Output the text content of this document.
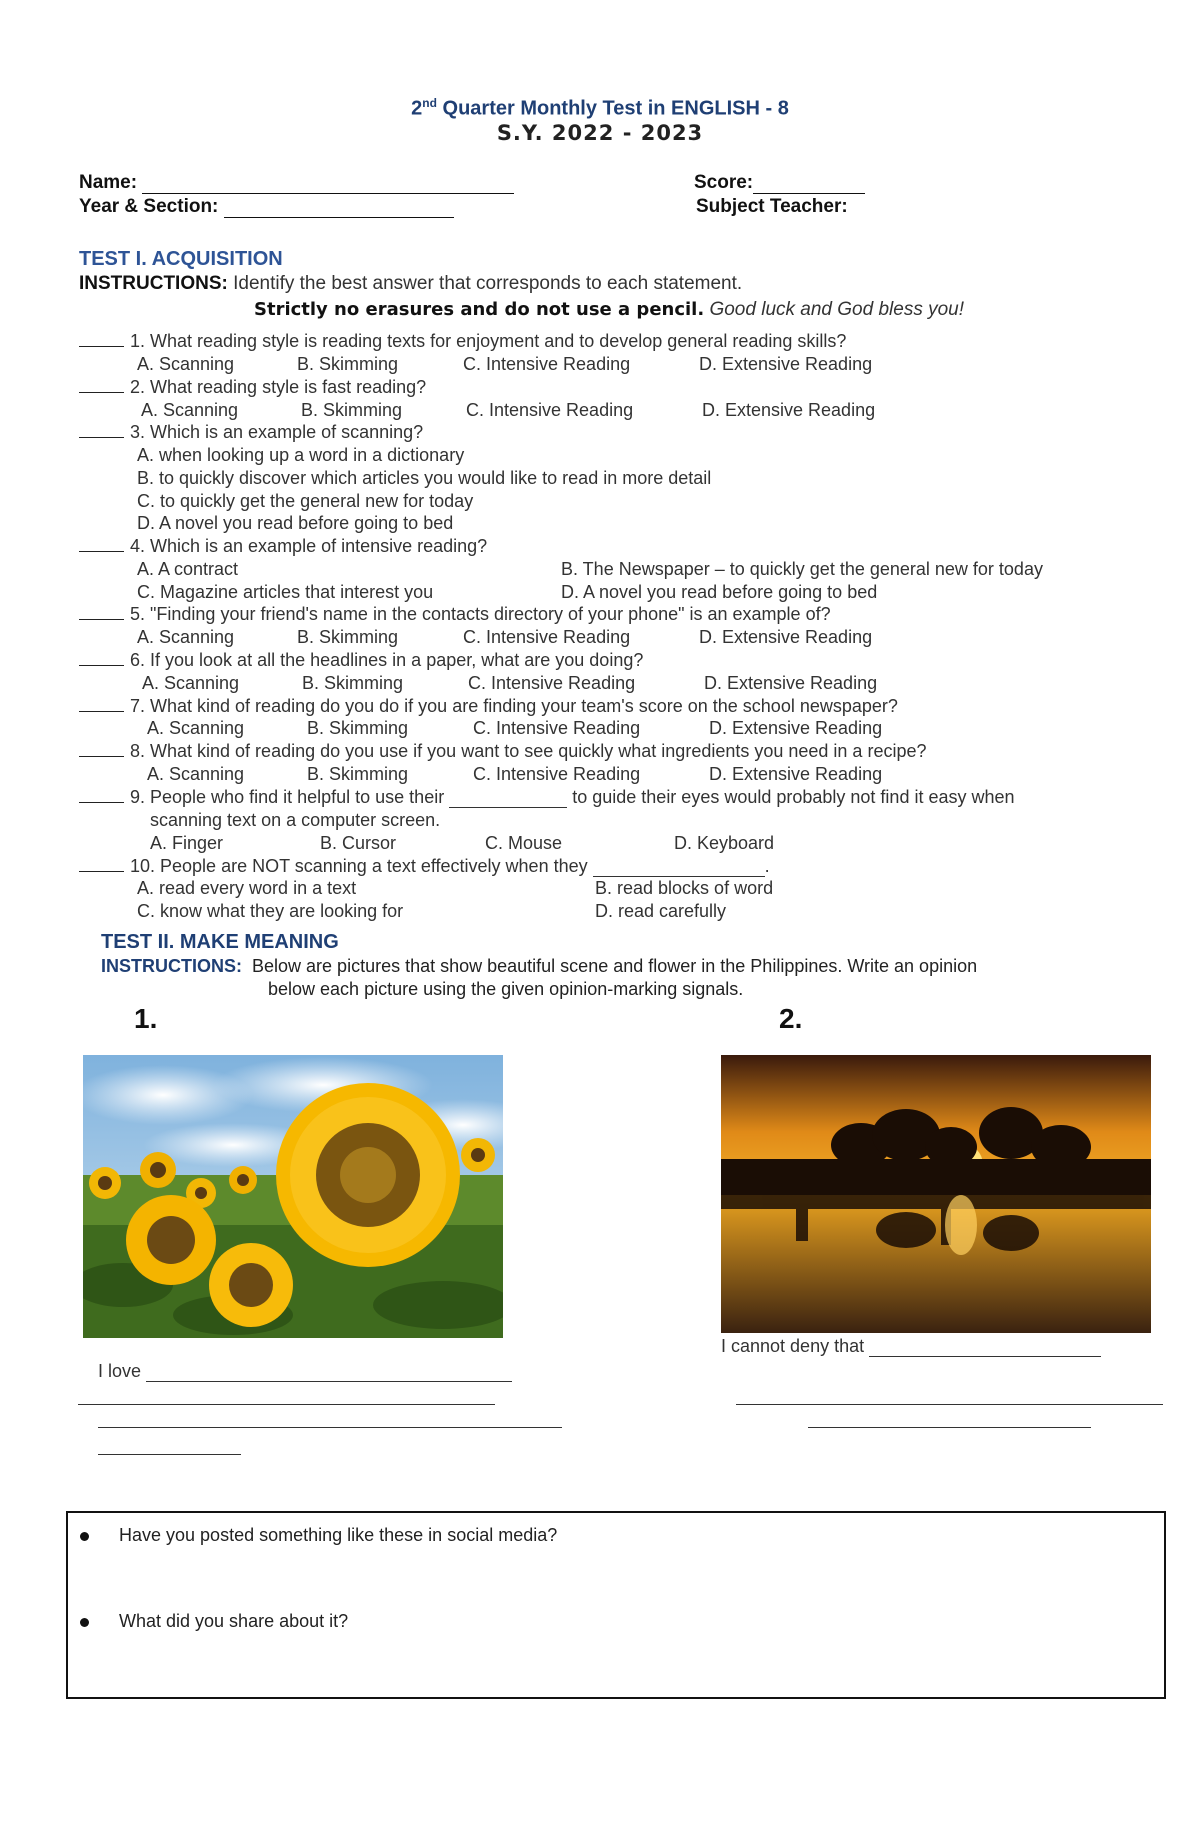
2nd Quarter Monthly Test in ENGLISH - 8
S.Y. 2022 - 2023
Name:	Score:
Year & Section:	Subject Teacher:
TEST I. ACQUISITION
INSTRUCTIONS: Identify the best answer that corresponds to each statement.
Strictly no erasures and do not use a pencil. Good luck and God bless you!
1. What reading style is reading texts for enjoyment and to develop general reading skills?
A. Scanning	B. Skimming	C. Intensive Reading	D. Extensive Reading
2. What reading style is fast reading?
A. Scanning	B. Skimming	C. Intensive Reading	D. Extensive Reading
3. Which is an example of scanning?
A. when looking up a word in a dictionary
B. to quickly discover which articles you would like to read in more detail
C. to quickly get the general new for today
D. A novel you read before going to bed
4. Which is an example of intensive reading?
A. A contract	B. The Newspaper – to quickly get the general new for today
C. Magazine articles that interest you	D. A novel you read before going to bed
5. "Finding your friend's name in the contacts directory of your phone" is an example of?
A. Scanning	B. Skimming	C. Intensive Reading	D. Extensive Reading
6. If you look at all the headlines in a paper, what are you doing?
A. Scanning	B. Skimming	C. Intensive Reading	D. Extensive Reading
7. What kind of reading do you do if you are finding your team's score on the school newspaper?
A. Scanning	B. Skimming	C. Intensive Reading	D. Extensive Reading
8. What kind of reading do you use if you want to see quickly what ingredients you need in a recipe?
A. Scanning	B. Skimming	C. Intensive Reading	D. Extensive Reading
9. People who find it helpful to use their	to guide their eyes would probably not find it easy when
scanning text on a computer screen.
A. Finger	B. Cursor	C. Mouse	D. Keyboard
10. People are NOT scanning a text effectively when they	.
A. read every word in a text	B. read blocks of word
C. know what they are looking for	D. read carefully
TEST II. MAKE MEANING
INSTRUCTIONS: Below are pictures that show beautiful scene and flower in the Philippines. Write an opinion
below each picture using the given opinion-marking signals.
1.	2.
I love
I cannot deny that
Have you posted something like these in social media?
What did you share about it?
